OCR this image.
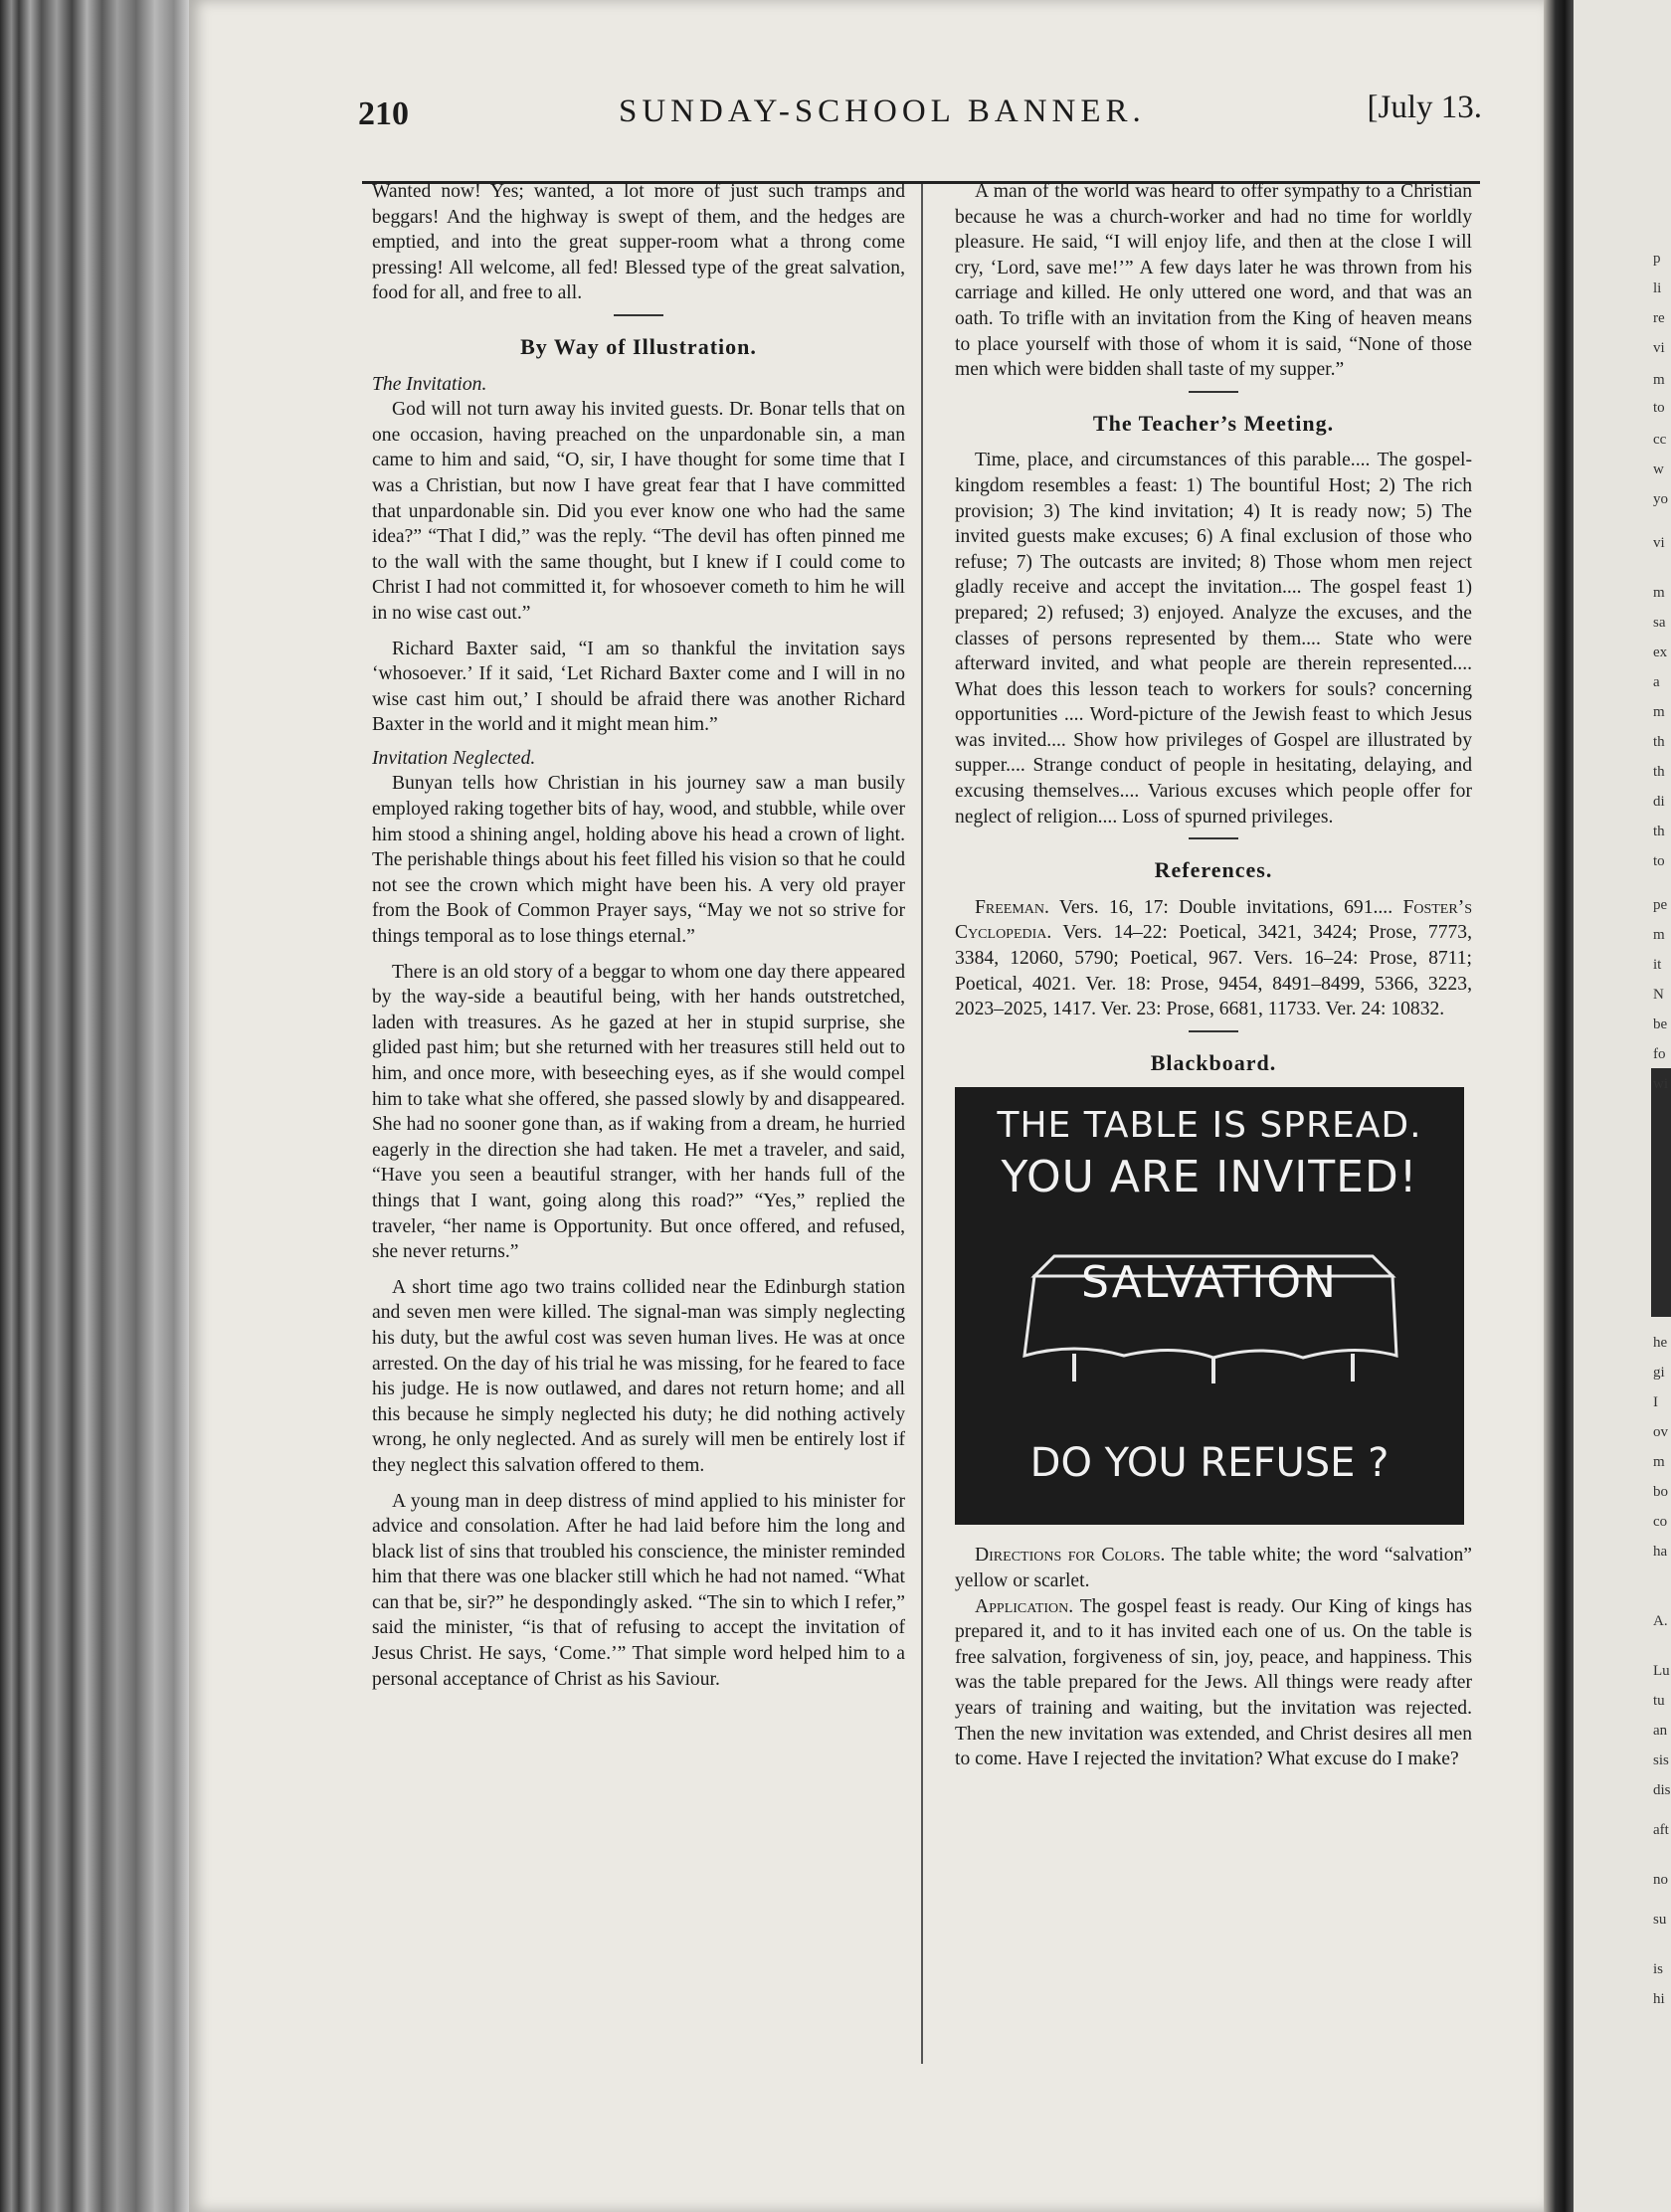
p
li
re
vi
m
to
cc
w
yo
vi
m
sa
ex
a
m
th
th
di
th
to
pe
m
it
N
be
fo
wi
he
gi
I
ov
m
bo
co
ha
A.
Lu
tu
an
sis
dis
aft
no
su
is
hi
210	SUNDAY-SCHOOL BANNER.	[July 13.

Wanted now! Yes; wanted, a lot more of just such tramps and beggars! And the highway is swept of them, and the hedges are emptied, and into the great supper-room what a throng come pressing! All welcome, all fed! Blessed type of the great salvation, food for all, and free to all.

By Way of Illustration.
The Invitation.

God will not turn away his invited guests. Dr. Bonar tells that on one occasion, having preached on the unpardonable sin, a man came to him and said, “O, sir, I have thought for some time that I was a Christian, but now I have great fear that I have committed that unpardonable sin. Did you ever know one who had the same idea?” “That I did,” was the reply. “The devil has often pinned me to the wall with the same thought, but I knew if I could come to Christ I had not committed it, for whosoever cometh to him he will in no wise cast out.”

Richard Baxter said, “I am so thankful the invitation says ‘whosoever.’ If it said, ‘Let Richard Baxter come and I will in no wise cast him out,’ I should be afraid there was another Richard Baxter in the world and it might mean him.”

Invitation Neglected.

Bunyan tells how Christian in his journey saw a man busily employed raking together bits of hay, wood, and stubble, while over him stood a shining angel, holding above his head a crown of light. The perishable things about his feet filled his vision so that he could not see the crown which might have been his. A very old prayer from the Book of Common Prayer says, “May we not so strive for things temporal as to lose things eternal.”

There is an old story of a beggar to whom one day there appeared by the way-side a beautiful being, with her hands outstretched, laden with treasures. As he gazed at her in stupid surprise, she glided past him; but she returned with her treasures still held out to him, and once more, with beseeching eyes, as if she would compel him to take what she offered, she passed slowly by and disappeared. She had no sooner gone than, as if waking from a dream, he hurried eagerly in the direction she had taken. He met a traveler, and said, “Have you seen a beautiful stranger, with her hands full of the things that I want, going along this road?” “Yes,” replied the traveler, “her name is Opportunity. But once offered, and refused, she never returns.”

A short time ago two trains collided near the Edinburgh station and seven men were killed. The signal-man was simply neglecting his duty, but the awful cost was seven human lives. He was at once arrested. On the day of his trial he was missing, for he feared to face his judge. He is now outlawed, and dares not return home; and all this because he simply neglected his duty; he did nothing actively wrong, he only neglected. And as surely will men be entirely lost if they neglect this salvation offered to them.

A young man in deep distress of mind applied to his minister for advice and consolation. After he had laid before him the long and black list of sins that troubled his conscience, the minister reminded him that there was one blacker still which he had not named. “What can that be, sir?” he despondingly asked. “The sin to which I refer,” said the minister, “is that of refusing to accept the invitation of Jesus Christ. He says, ‘Come.’” That simple word helped him to a personal acceptance of Christ as his Saviour.

A man of the world was heard to offer sympathy to a Christian because he was a church-worker and had no time for worldly pleasure. He said, “I will enjoy life, and then at the close I will cry, ‘Lord, save me!’” A few days later he was thrown from his carriage and killed. He only uttered one word, and that was an oath. To trifle with an invitation from the King of heaven means to place yourself with those of whom it is said, “None of those men which were bidden shall taste of my supper.”

The Teacher’s Meeting.

Time, place, and circumstances of this parable.... The gospel-kingdom resembles a feast: 1) The bountiful Host; 2) The rich provision; 3) The kind invitation; 4) It is ready now; 5) The invited guests make excuses; 6) A final exclusion of those who refuse; 7) The outcasts are invited; 8) Those whom men reject gladly receive and accept the invitation.... The gospel feast 1) prepared; 2) refused; 3) enjoyed. Analyze the excuses, and the classes of persons represented by them.... State who were afterward invited, and what people are therein represented.... What does this lesson teach to workers for souls? concerning opportunities .... Word-picture of the Jewish feast to which Jesus was invited.... Show how privileges of Gospel are illustrated by supper.... Strange conduct of people in hesitating, delaying, and excusing themselves.... Various excuses which people offer for neglect of religion.... Loss of spurned privileges.

References.

Freeman. Vers. 16, 17: Double invitations, 691.... Foster’s Cyclopedia. Vers. 14–22: Poetical, 3421, 3424; Prose, 7773, 3384, 12060, 5790; Poetical, 967. Vers. 16–24: Prose, 8711; Poetical, 4021. Ver. 18: Prose, 9454, 8491–8499, 5366, 3223, 2023–2025, 1417. Ver. 23: Prose, 6681, 11733. Ver. 24: 10832.

Blackboard.
THE TABLE IS SPREAD.
YOU ARE INVITED!
SALVATION
DO YOU REFUSE ?

Directions for Colors. The table white; the word “salvation” yellow or scarlet.

Application. The gospel feast is ready. Our King of kings has prepared it, and to it has invited each one of us. On the table is free salvation, forgiveness of sin, joy, peace, and happiness. This was the table prepared for the Jews. All things were ready after years of training and waiting, but the invitation was rejected. Then the new invitation was extended, and Christ desires all men to come. Have I rejected the invitation? What excuse do I make?
